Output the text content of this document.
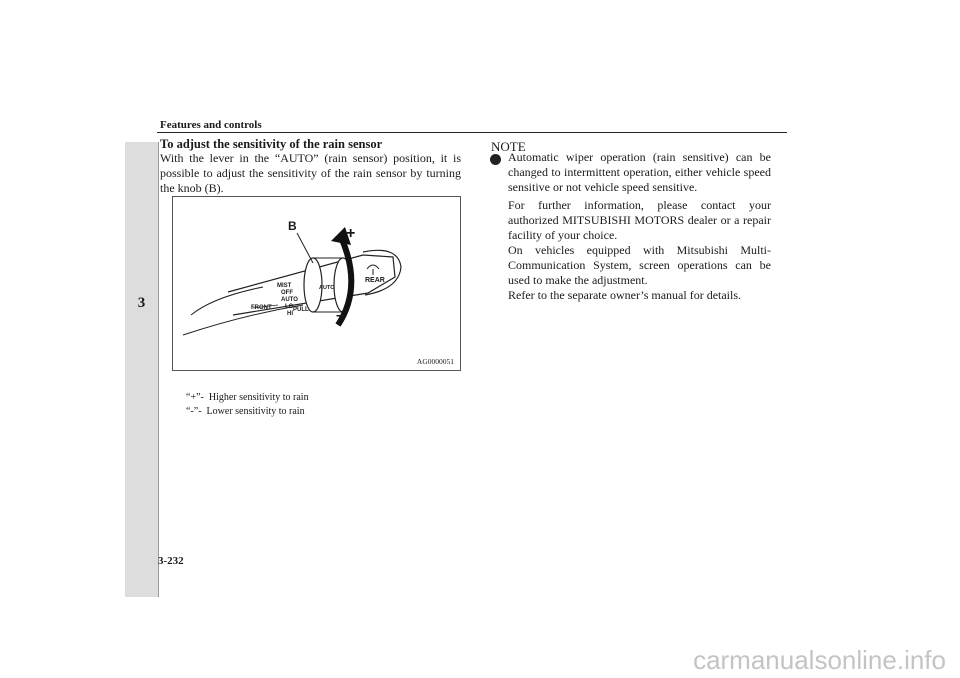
Features and controls
3
To adjust the sensitivity of the rain sensor
With the lever in the “AUTO” (rain sensor) position, it is possible to adjust the sensitivity of the rain sensor by turning the knob (B).
B	+
–
MIST
OFF
AUTO
LO
HI
FRONT	PULL
AUTO
REAR
AG0000051

“+”- Higher sensitivity to rain

“-”- Lower sensitivity to rain

NOTE

Automatic wiper operation (rain sensitive) can be changed to intermittent operation, either vehicle speed sensitive or not vehicle speed sensitive.

For further information, please contact your authorized MITSUBISHI MOTORS dealer or a repair facility of your choice.
On vehicles equipped with Mitsubishi Multi-Communication System, screen operations can be used to make the adjustment.
Refer to the separate owner’s manual for details.

3-232
carmanualsonline.info
